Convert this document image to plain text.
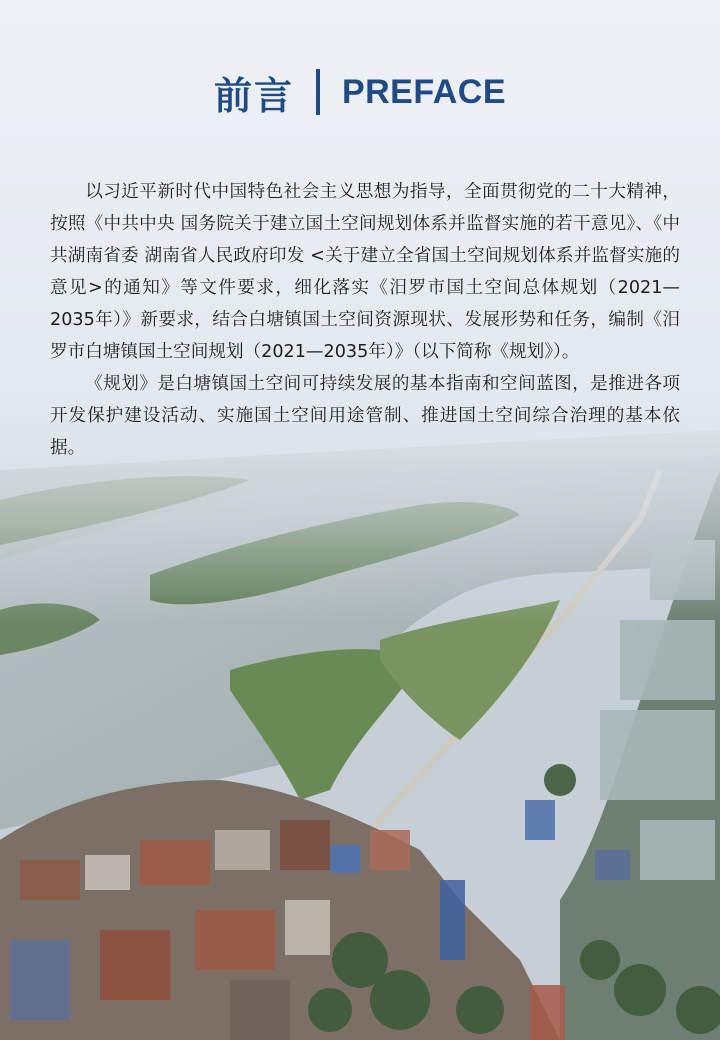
前言 PREFACE

以习近平新时代中国特色社会主义思想为指导，全面贯彻党的二十大精神，按照《中共中央 国务院关于建立国土空间规划体系并监督实施的若干意见》、《中共湖南省委 湖南省人民政府印发 <关于建立全省国土空间规划体系并监督实施的意见>的通知》等文件要求，细化落实《汨罗市国土空间总体规划（2021—2035年）》新要求，结合白塘镇国土空间资源现状、发展形势和任务，编制《汨罗市白塘镇国土空间规划（2021—2035年）》（以下简称《规划》）。

《规划》是白塘镇国土空间可持续发展的基本指南和空间蓝图，是推进各项开发保护建设活动、实施国土空间用途管制、推进国土空间综合治理的基本依据。
